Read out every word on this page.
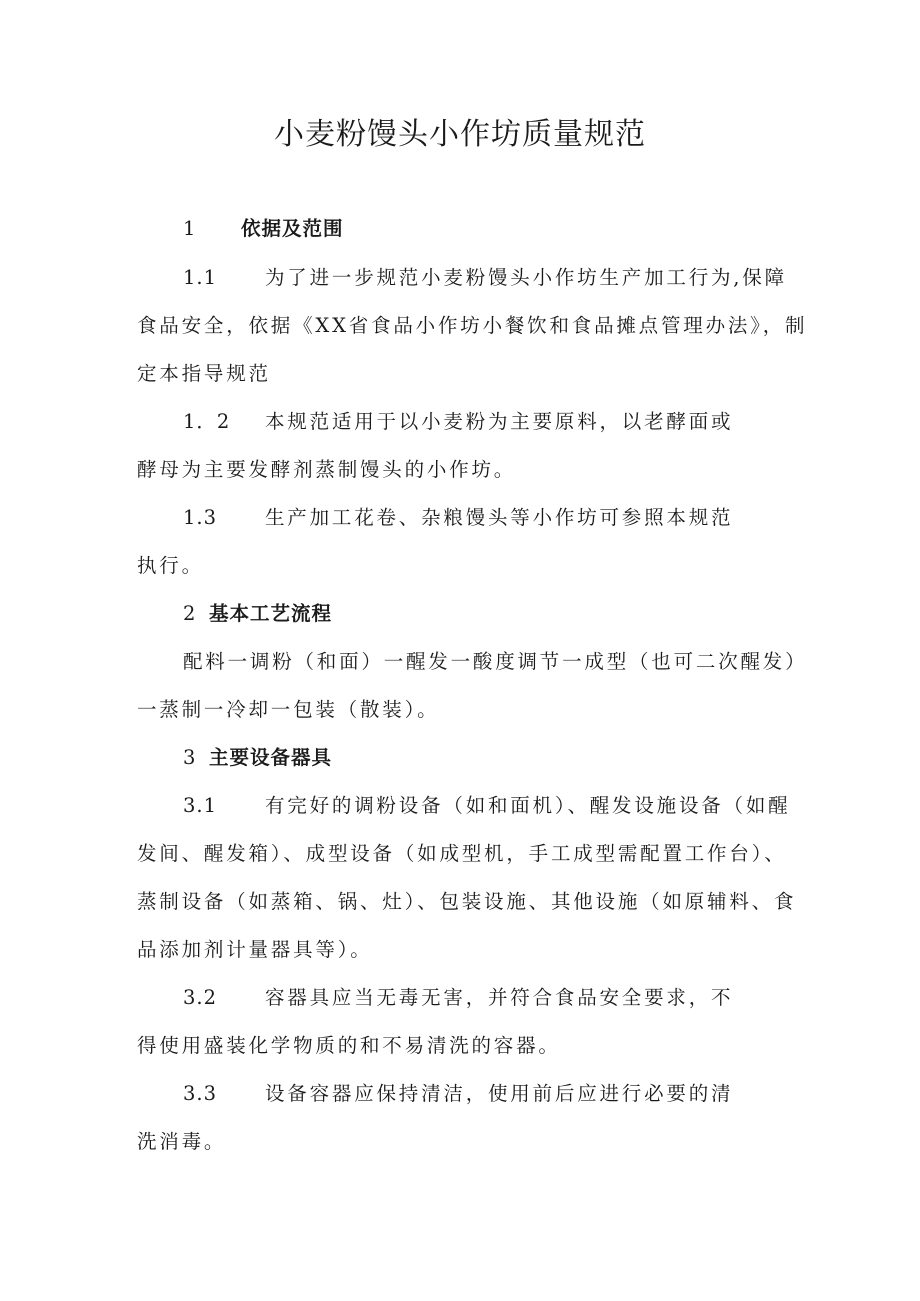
小麦粉馒头小作坊质量规范
1 依据及范围
1.1 为了进一步规范小麦粉馒头小作坊生产加工行为,保障
食品安全，依据《XX省食品小作坊小餐饮和食品摊点管理办法》，制
定本指导规范
1．2 本规范适用于以小麦粉为主要原料，以老酵面或
酵母为主要发酵剂蒸制馒头的小作坊。
1.3 生产加工花卷、杂粮馒头等小作坊可参照本规范
执行。
2 基本工艺流程
配料一调粉（和面）一醒发一酸度调节一成型（也可二次醒发）
一蒸制一冷却一包装（散装）。
3 主要设备器具
3.1 有完好的调粉设备（如和面机）、醒发设施设备（如醒
发间、醒发箱）、成型设备（如成型机，手工成型需配置工作台）、
蒸制设备（如蒸箱、锅、灶）、包装设施、其他设施（如原辅料、食
品添加剂计量器具等）。
3.2 容器具应当无毒无害，并符合食品安全要求，不
得使用盛装化学物质的和不易清洗的容器。
3.3 设备容器应保持清洁，使用前后应进行必要的清
洗消毒。
